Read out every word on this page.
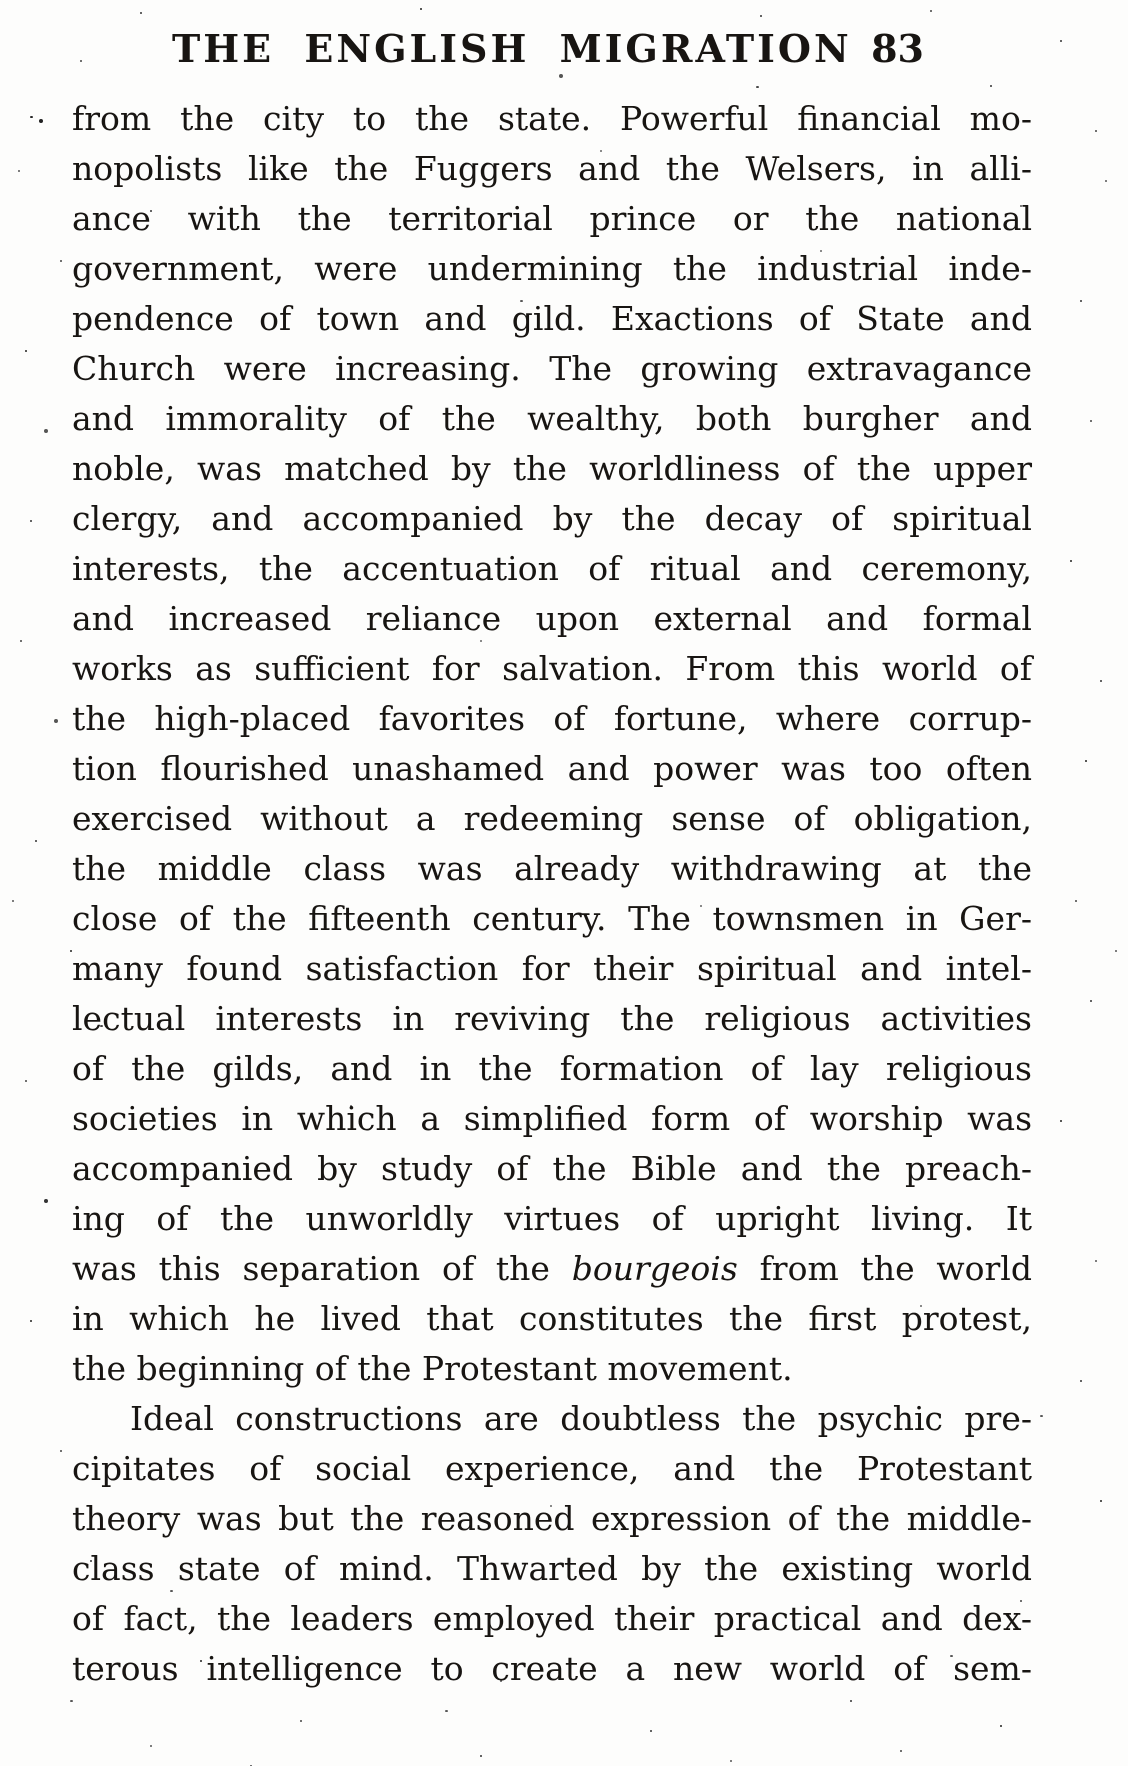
THE ENGLISH MIGRATION 83
from the city to the state. Powerful financial mo-
nopolists like the Fuggers and the Welsers, in alli-
ance with the territorial prince or the national
government, were undermining the industrial inde-
pendence of town and gild. Exactions of State and
Church were increasing. The growing extravagance
and immorality of the wealthy, both burgher and
noble, was matched by the worldliness of the upper
clergy, and accompanied by the decay of spiritual
interests, the accentuation of ritual and ceremony,
and increased reliance upon external and formal
works as sufficient for salvation. From this world of
the high-placed favorites of fortune, where corrup-
tion flourished unashamed and power was too often
exercised without a redeeming sense of obligation,
the middle class was already withdrawing at the
close of the fifteenth century. The townsmen in Ger-
many found satisfaction for their spiritual and intel-
lectual interests in reviving the religious activities
of the gilds, and in the formation of lay religious
societies in which a simplified form of worship was
accompanied by study of the Bible and the preach-
ing of the unworldly virtues of upright living. It
was this separation of the bourgeois from the world
in which he lived that constitutes the first protest,
the beginning of the Protestant movement.
Ideal constructions are doubtless the psychic pre-
cipitates of social experience, and the Protestant
theory was but the reasoned expression of the middle-
class state of mind. Thwarted by the existing world
of fact, the leaders employed their practical and dex-
terous intelligence to create a new world of sem-
